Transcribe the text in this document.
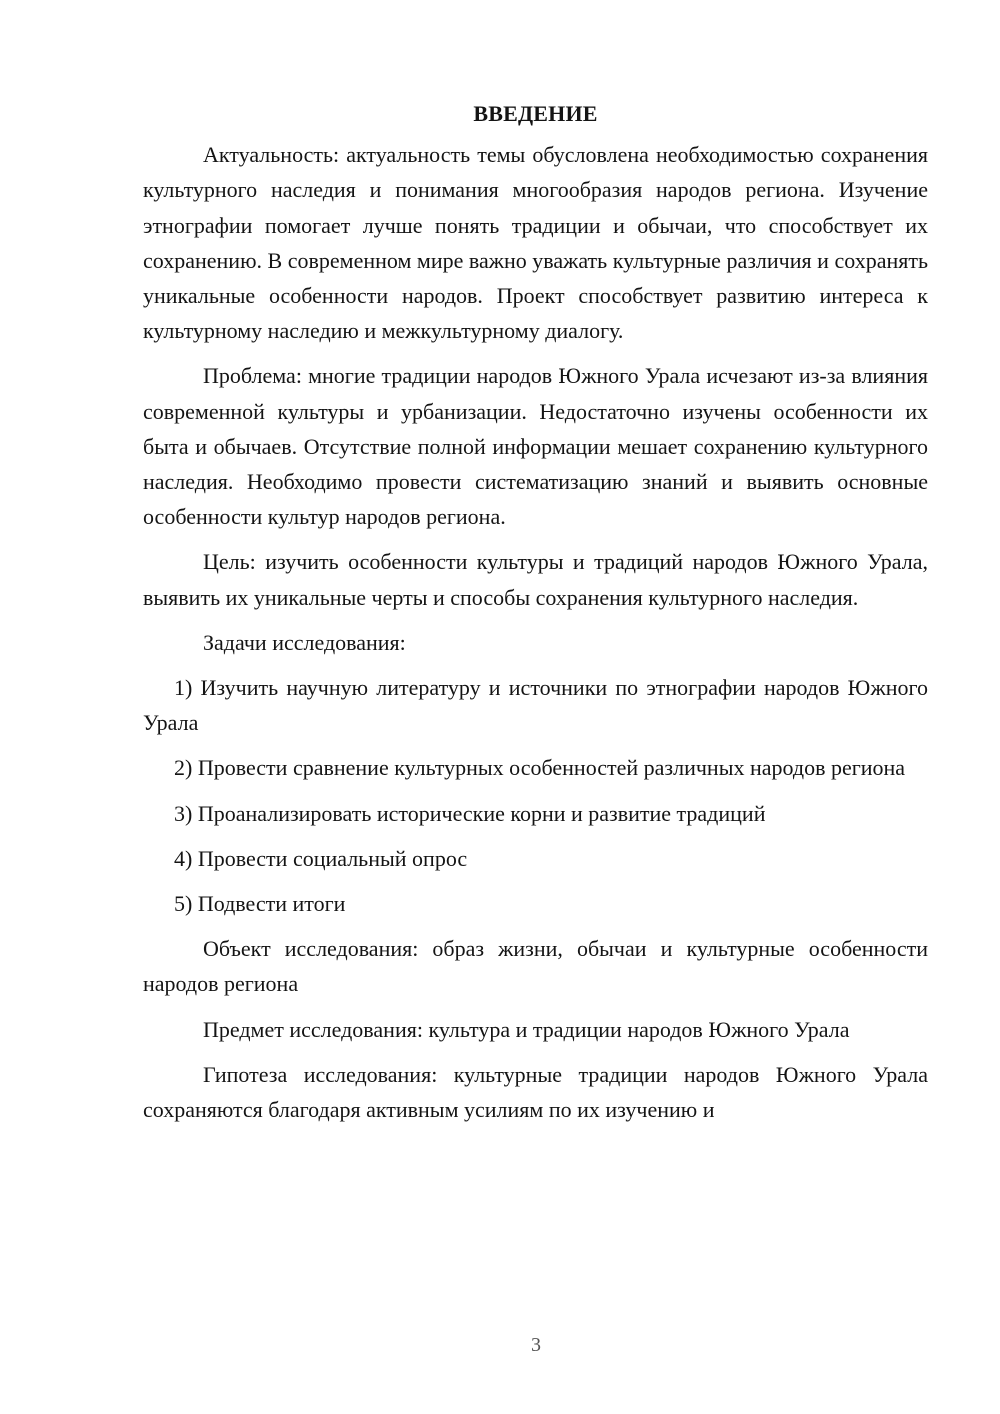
ВВЕДЕНИЕ

Актуальность: актуальность темы обусловлена необходимостью сохранения культурного наследия и понимания многообразия народов региона. Изучение этнографии помогает лучше понять традиции и обычаи, что способствует их сохранению. В современном мире важно уважать культурные различия и сохранять уникальные особенности народов. Проект способствует развитию интереса к культурному наследию и межкультурному диалогу.

Проблема: многие традиции народов Южного Урала исчезают из-за влияния современной культуры и урбанизации. Недостаточно изучены особенности их быта и обычаев. Отсутствие полной информации мешает сохранению культурного наследия. Необходимо провести систематизацию знаний и выявить основные особенности культур народов региона.

Цель: изучить особенности культуры и традиций народов Южного Урала, выявить их уникальные черты и способы сохранения культурного наследия.

Задачи исследования:

1) Изучить научную литературу и источники по этнографии народов Южного Урала

2) Провести сравнение культурных особенностей различных народов региона

3) Проанализировать исторические корни и развитие традиций

4) Провести социальный опрос

5) Подвести итоги

Объект исследования: образ жизни, обычаи и культурные особенности народов региона

Предмет исследования: культура и традиции народов Южного Урала

Гипотеза исследования: культурные традиции народов Южного Урала сохраняются благодаря активным усилиям по их изучению и

3
